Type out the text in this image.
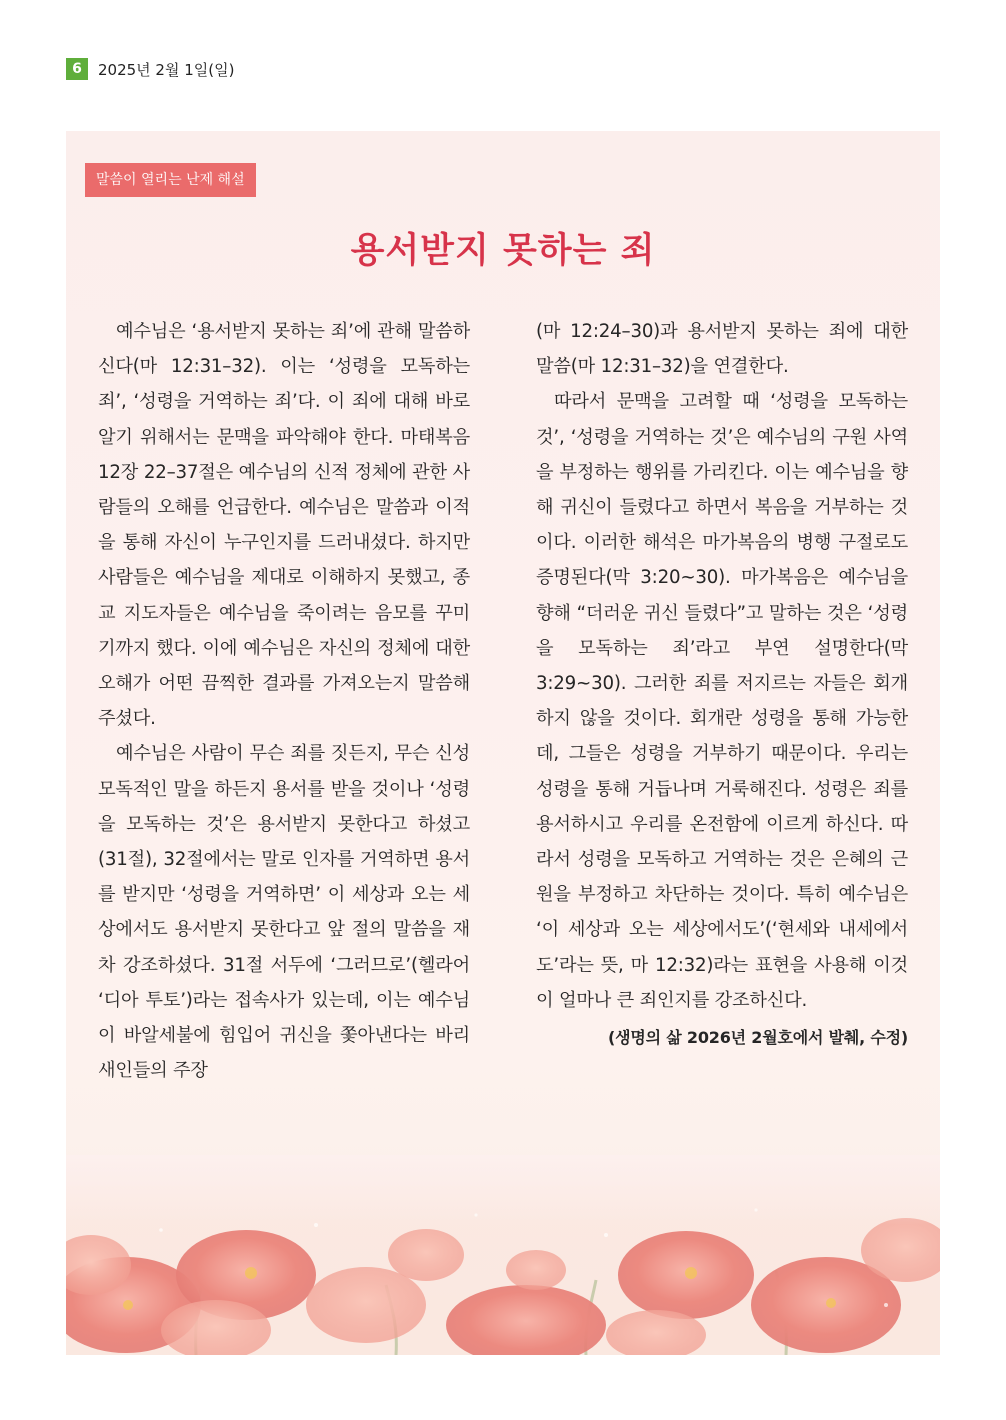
6	2025년 2월 1일(일)
말씀이 열리는 난제 해설
용서받지 못하는 죄

예수님은 ‘용서받지 못하는 죄’에 관해 말씀하신다(마 12:31–32). 이는 ‘성령을 모독하는 죄’, ‘성령을 거역하는 죄’다. 이 죄에 대해 바로 알기 위해서는 문맥을 파악해야 한다. 마태복음 12장 22–37절은 예수님의 신적 정체에 관한 사람들의 오해를 언급한다. 예수님은 말씀과 이적을 통해 자신이 누구인지를 드러내셨다. 하지만 사람들은 예수님을 제대로 이해하지 못했고, 종교 지도자들은 예수님을 죽이려는 음모를 꾸미기까지 했다. 이에 예수님은 자신의 정체에 대한 오해가 어떤 끔찍한 결과를 가져오는지 말씀해 주셨다.

예수님은 사람이 무슨 죄를 짓든지, 무슨 신성 모독적인 말을 하든지 용서를 받을 것이나 ‘성령을 모독하는 것’은 용서받지 못한다고 하셨고(31절), 32절에서는 말로 인자를 거역하면 용서를 받지만 ‘성령을 거역하면’ 이 세상과 오는 세상에서도 용서받지 못한다고 앞 절의 말씀을 재차 강조하셨다. 31절 서두에 ‘그러므로’(헬라어 ‘디아 투토’)라는 접속사가 있는데, 이는 예수님이 바알세불에 힘입어 귀신을 쫓아낸다는 바리새인들의 주장

(마 12:24–30)과 용서받지 못하는 죄에 대한 말씀(마 12:31–32)을 연결한다.

따라서 문맥을 고려할 때 ‘성령을 모독하는 것’, ‘성령을 거역하는 것’은 예수님의 구원 사역을 부정하는 행위를 가리킨다. 이는 예수님을 향해 귀신이 들렸다고 하면서 복음을 거부하는 것이다. 이러한 해석은 마가복음의 병행 구절로도 증명된다(막 3:20~30). 마가복음은 예수님을 향해 “더러운 귀신 들렸다”고 말하는 것은 ‘성령을 모독하는 죄’라고 부연 설명한다(막 3:29~30). 그러한 죄를 저지르는 자들은 회개하지 않을 것이다. 회개란 성령을 통해 가능한데, 그들은 성령을 거부하기 때문이다. 우리는 성령을 통해 거듭나며 거룩해진다. 성령은 죄를 용서하시고 우리를 온전함에 이르게 하신다. 따라서 성령을 모독하고 거역하는 것은 은혜의 근원을 부정하고 차단하는 것이다. 특히 예수님은 ‘이 세상과 오는 세상에서도’(‘현세와 내세에서도’라는 뜻, 마 12:32)라는 표현을 사용해 이것이 얼마나 큰 죄인지를 강조하신다.

(생명의 삶 2026년 2월호에서 발췌, 수정)
